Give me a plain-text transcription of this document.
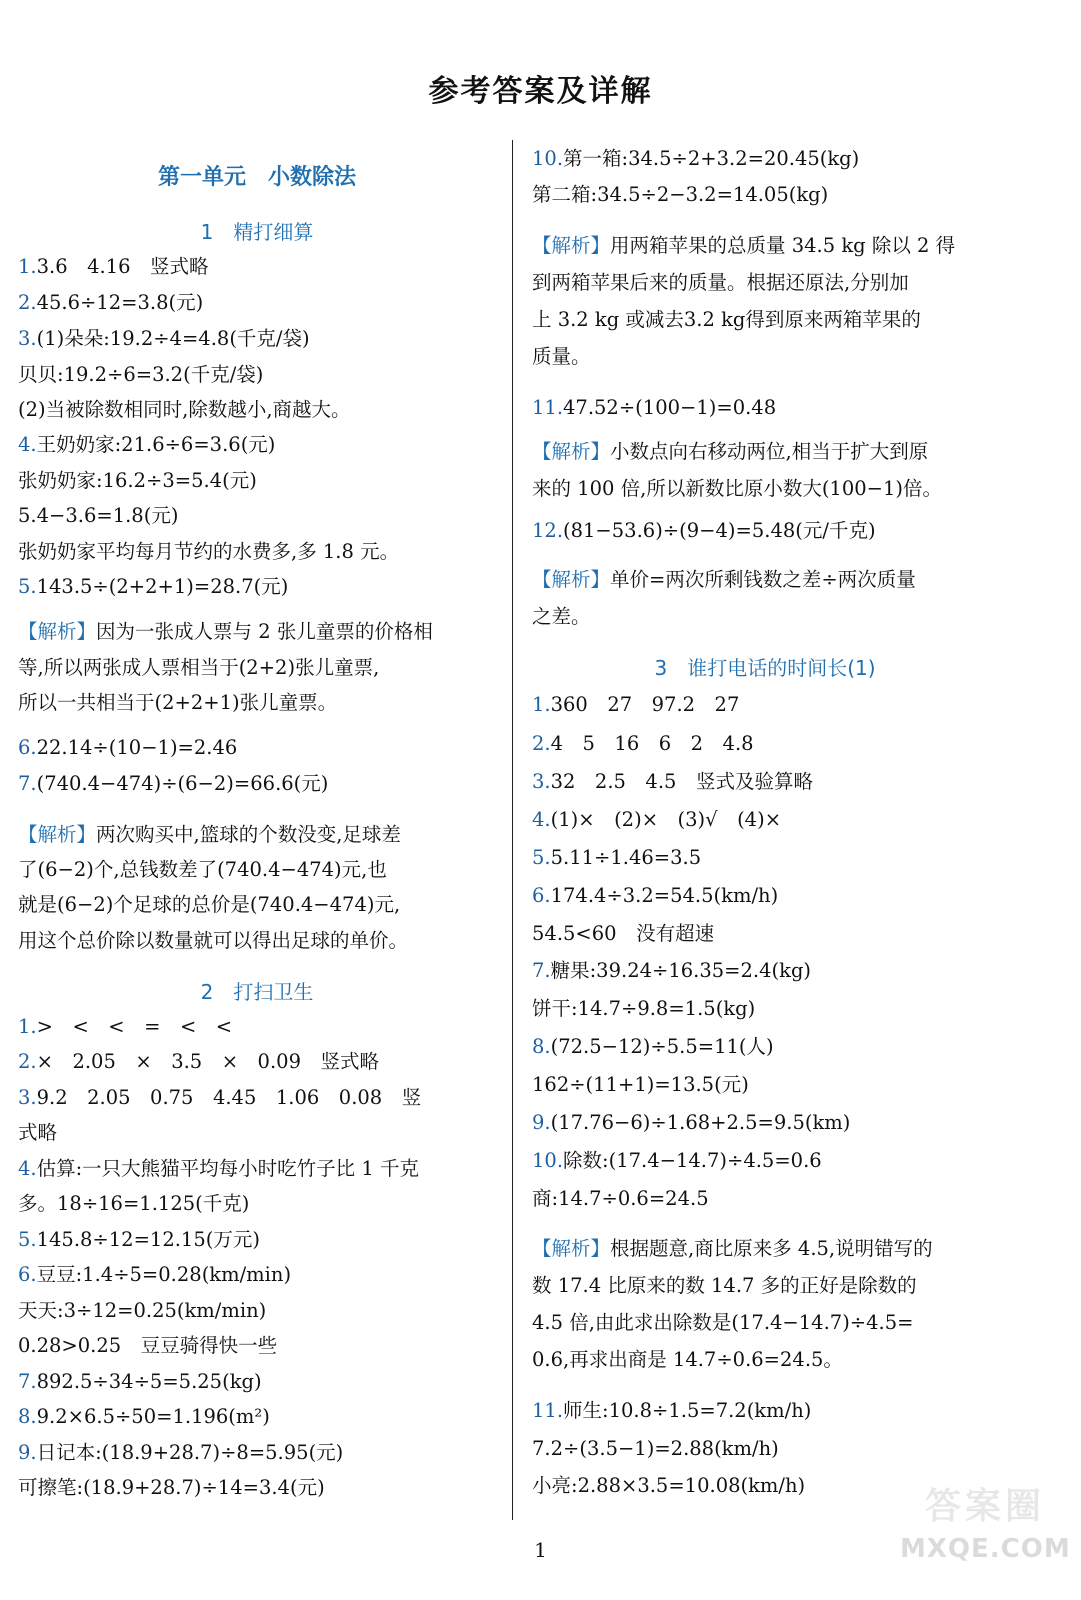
参考答案及详解
第一单元　小数除法
1　精打细算
1.3.6　4.16　竖式略
2.45.6÷12=3.8(元)
3.(1)朵朵:19.2÷4=4.8(千克/袋)
贝贝:19.2÷6=3.2(千克/袋)
(2)当被除数相同时,除数越小,商越大。
4.王奶奶家:21.6÷6=3.6(元)
张奶奶家:16.2÷3=5.4(元)
5.4−3.6=1.8(元)
张奶奶家平均每月节约的水费多,多 1.8 元。
5.143.5÷(2+2+1)=28.7(元)
【解析】因为一张成人票与 2 张儿童票的价格相
等,所以两张成人票相当于(2+2)张儿童票,
所以一共相当于(2+2+1)张儿童票。
6.22.14÷(10−1)=2.46
7.(740.4−474)÷(6−2)=66.6(元)
【解析】两次购买中,篮球的个数没变,足球差
了(6−2)个,总钱数差了(740.4−474)元,也
就是(6−2)个足球的总价是(740.4−474)元,
用这个总价除以数量就可以得出足球的单价。
2　打扫卫生
1.>　<　<　=　<　<
2.×　2.05　×　3.5　×　0.09　竖式略
3.9.2　2.05　0.75　4.45　1.06　0.08　竖
式略
4.估算:一只大熊猫平均每小时吃竹子比 1 千克
多。18÷16=1.125(千克)
5.145.8÷12=12.15(万元)
6.豆豆:1.4÷5=0.28(km/min)
天天:3÷12=0.25(km/min)
0.28>0.25　豆豆骑得快一些
7.892.5÷34÷5=5.25(kg)
8.9.2×6.5÷50=1.196(m²)
9.日记本:(18.9+28.7)÷8=5.95(元)
可擦笔:(18.9+28.7)÷14=3.4(元)
10.第一箱:34.5÷2+3.2=20.45(kg)
第二箱:34.5÷2−3.2=14.05(kg)
【解析】用两箱苹果的总质量 34.5 kg 除以 2 得
到两箱苹果后来的质量。根据还原法,分别加
上 3.2 kg 或减去3.2 kg得到原来两箱苹果的
质量。
11.47.52÷(100−1)=0.48
【解析】小数点向右移动两位,相当于扩大到原
来的 100 倍,所以新数比原小数大(100−1)倍。
12.(81−53.6)÷(9−4)=5.48(元/千克)
【解析】单价=两次所剩钱数之差÷两次质量
之差。
3　谁打电话的时间长(1)
1.360　27　97.2　27
2.4　5　16　6　2　4.8
3.32　2.5　4.5　竖式及验算略
4.(1)×　(2)×　(3)√　(4)×
5.5.11÷1.46=3.5
6.174.4÷3.2=54.5(km/h)
54.5<60　没有超速
7.糖果:39.24÷16.35=2.4(kg)
饼干:14.7÷9.8=1.5(kg)
8.(72.5−12)÷5.5=11(人)
162÷(11+1)=13.5(元)
9.(17.76−6)÷1.68+2.5=9.5(km)
10.除数:(17.4−14.7)÷4.5=0.6
商:14.7÷0.6=24.5
【解析】根据题意,商比原来多 4.5,说明错写的
数 17.4 比原来的数 14.7 多的正好是除数的
4.5 倍,由此求出除数是(17.4−14.7)÷4.5=
0.6,再求出商是 14.7÷0.6=24.5。
11.师生:10.8÷1.5=7.2(km/h)
7.2÷(3.5−1)=2.88(km/h)
小亮:2.88×3.5=10.08(km/h)
1
答案圈
MXQE.COM
